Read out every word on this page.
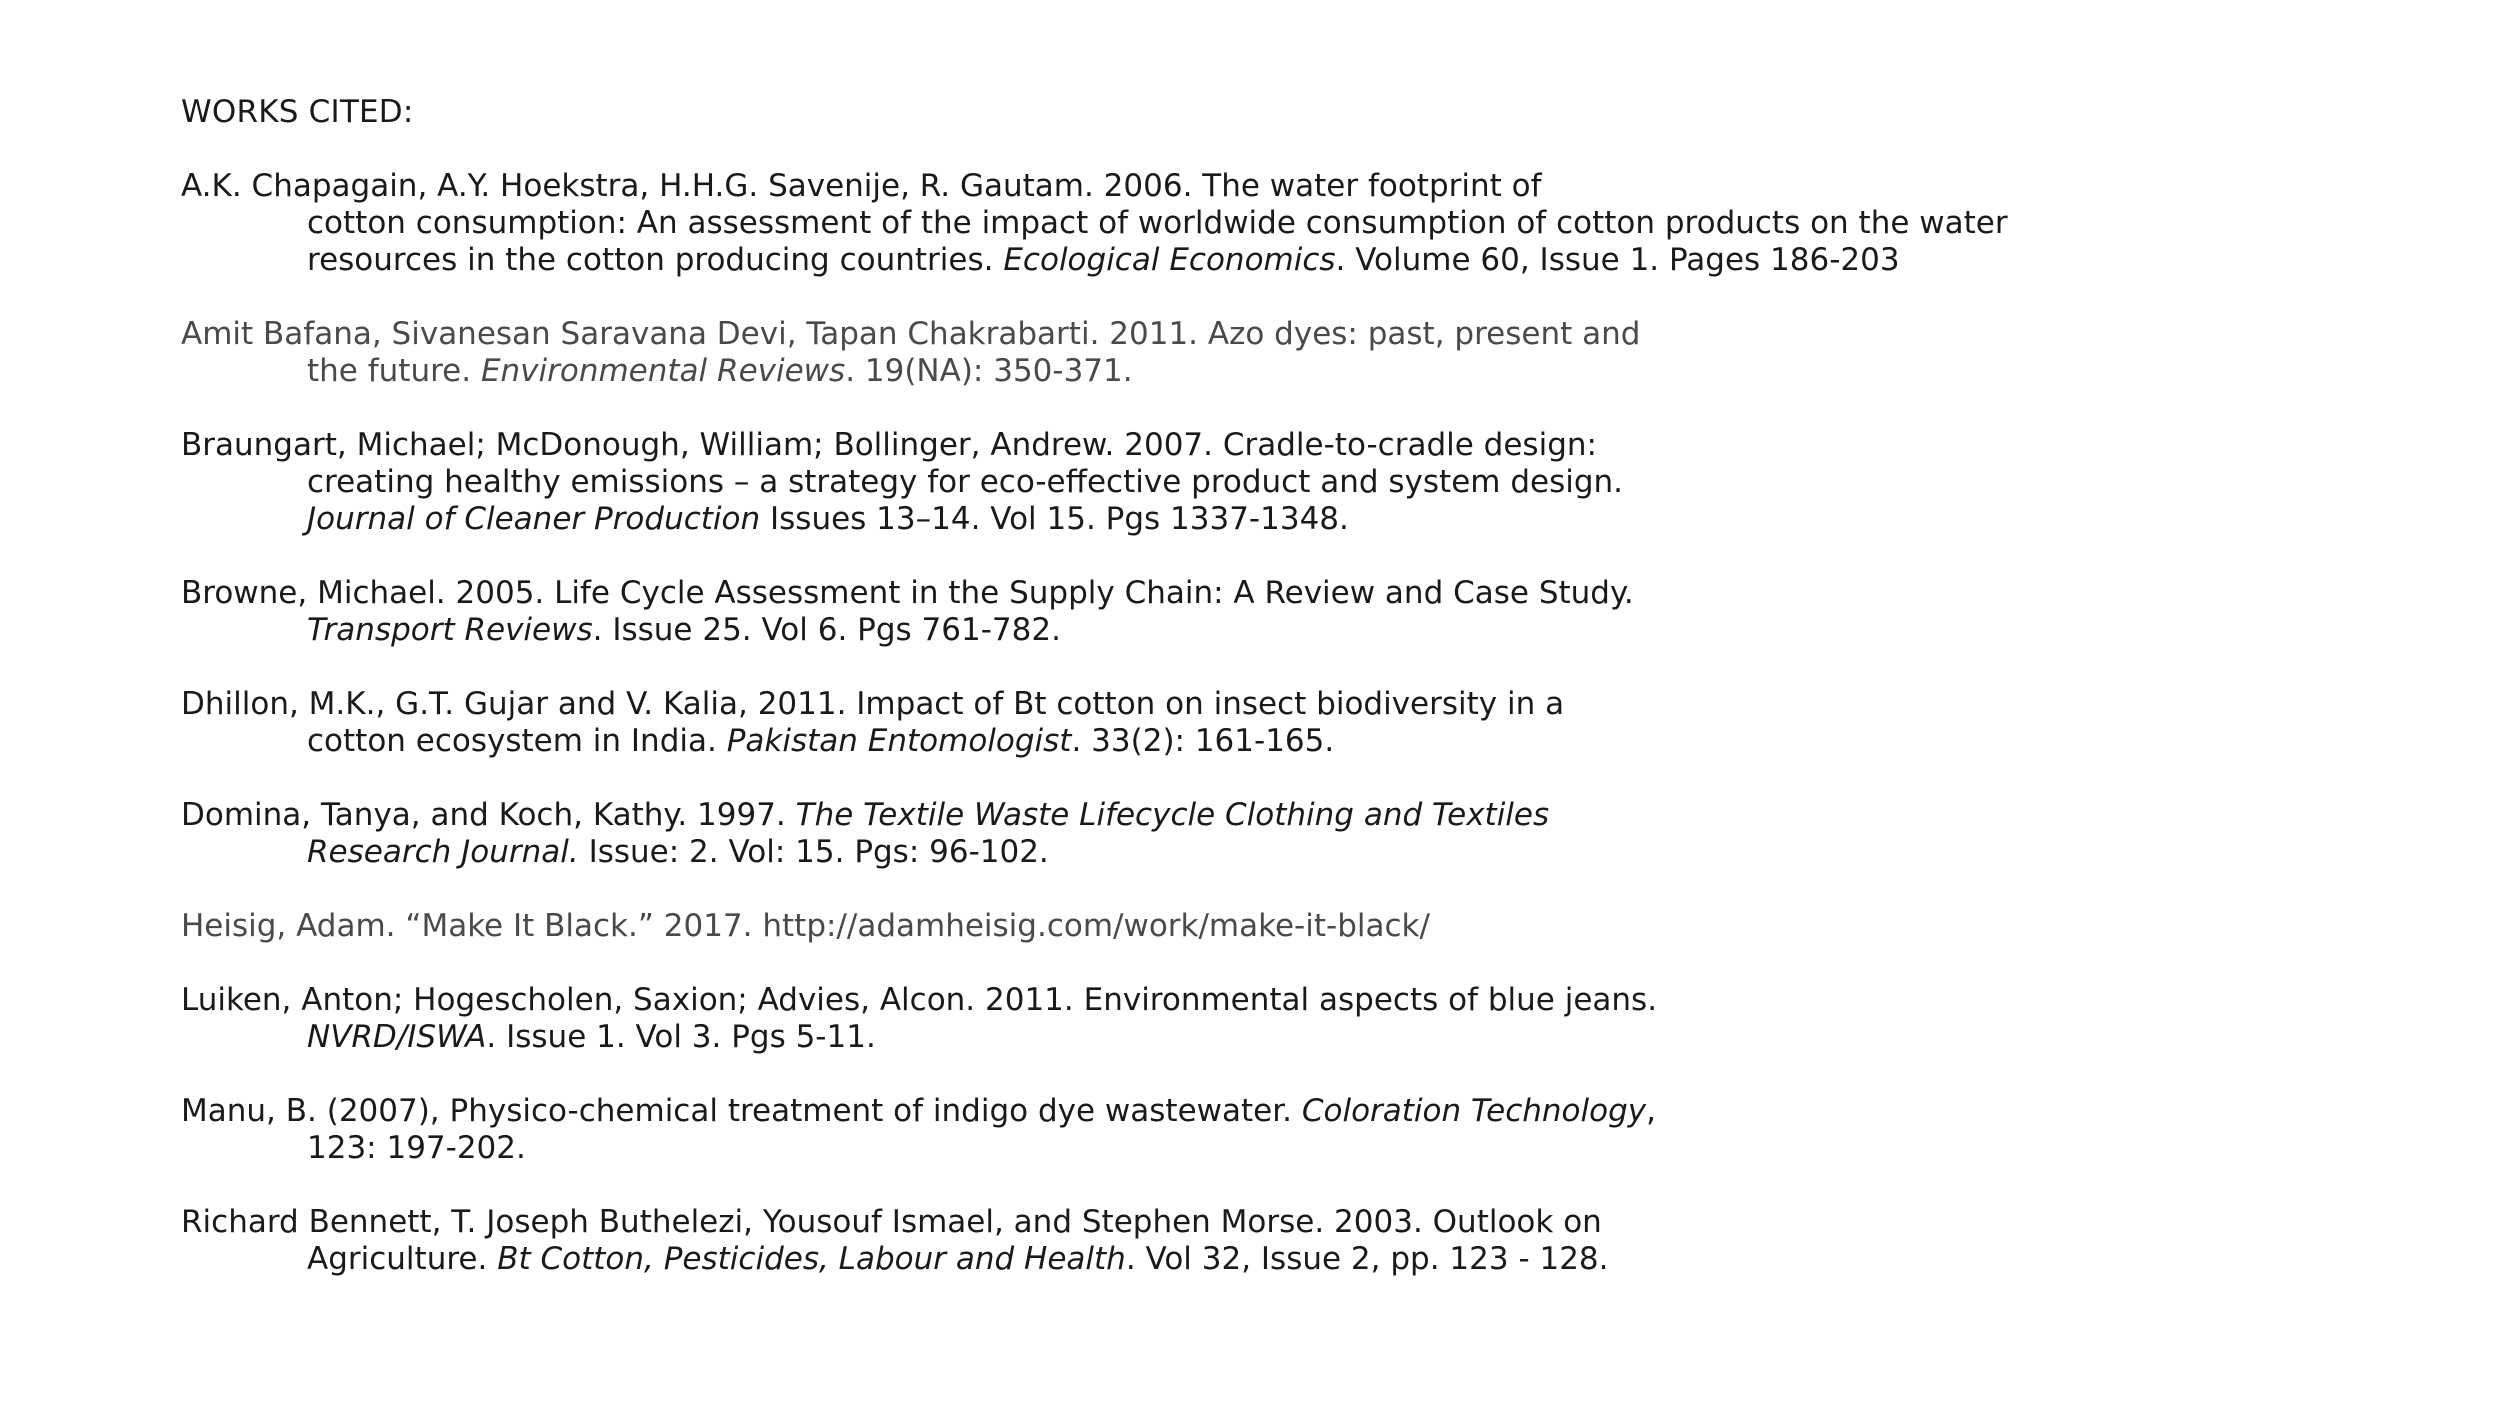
WORKS CITED:
A.K. Chapagain, A.Y. Hoekstra, H.H.G. Savenije, R. Gautam. 2006. The water footprint of
cotton consumption: An assessment of the impact of worldwide consumption of cotton products on the water
resources in the cotton producing countries. Ecological Economics. Volume 60, Issue 1. Pages 186-203
Amit Bafana, Sivanesan Saravana Devi, Tapan Chakrabarti. 2011. Azo dyes: past, present and
the future. Environmental Reviews. 19(NA): 350-371.
Braungart, Michael; McDonough, William; Bollinger, Andrew. 2007. Cradle-to-cradle design:
creating healthy emissions – a strategy for eco-effective product and system design.
Journal of Cleaner Production Issues 13–14. Vol 15. Pgs 1337-1348.
Browne, Michael. 2005. Life Cycle Assessment in the Supply Chain: A Review and Case Study.
Transport Reviews. Issue 25. Vol 6. Pgs 761-782.
Dhillon, M.K., G.T. Gujar and V. Kalia, 2011. Impact of Bt cotton on insect biodiversity in a
cotton ecosystem in India. Pakistan Entomologist. 33(2): 161-165.
Domina, Tanya, and Koch, Kathy. 1997. The Textile Waste Lifecycle Clothing and Textiles
Research Journal. Issue: 2. Vol: 15. Pgs: 96-102.
Heisig, Adam. “Make It Black.” 2017. http://adamheisig.com/work/make-it-black/
Luiken, Anton; Hogescholen, Saxion; Advies, Alcon. 2011. Environmental aspects of blue jeans.
NVRD/ISWA. Issue 1. Vol 3. Pgs 5-11.
Manu, B. (2007), Physico-chemical treatment of indigo dye wastewater. Coloration Technology,
123: 197-202.
Richard Bennett, T. Joseph Buthelezi, Yousouf Ismael, and Stephen Morse. 2003. Outlook on
Agriculture. Bt Cotton, Pesticides, Labour and Health. Vol 32, Issue 2, pp. 123 - 128.
